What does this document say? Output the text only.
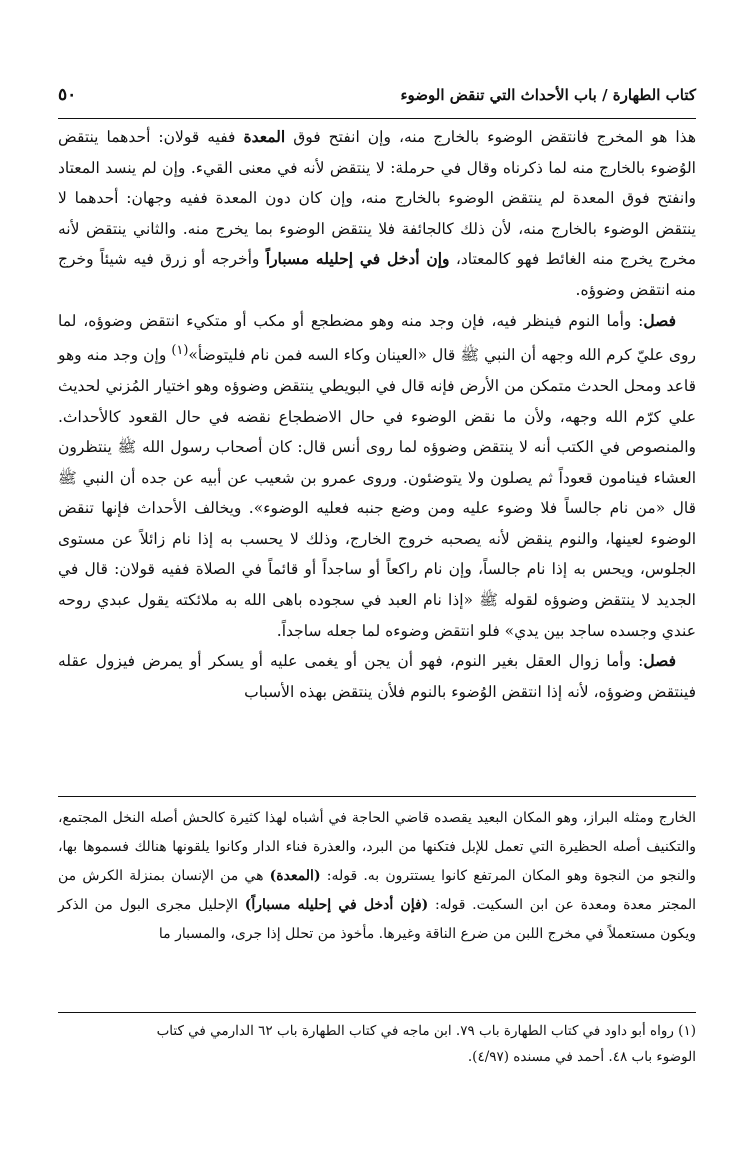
كتاب الطهارة / باب الأحداث التي تنقض الوضوء
٥٠

هذا هو المخرج فانتقض الوضوء بالخارج منه، وإن انفتح فوق المعدة ففيه قولان: أحدهما ينتقض الوُضوء بالخارج منه لما ذكرناه وقال في حرملة: لا ينتقض لأنه في معنى القيء. وإن لم ينسد المعتاد وانفتح فوق المعدة لم ينتقض الوضوء بالخارج منه، وإن كان دون المعدة ففيه وجهان: أحدهما لا ينتقض الوضوء بالخارج منه، لأن ذلك كالجائفة فلا ينتقض الوضوء بما يخرج منه. والثاني ينتقض لأنه مخرج يخرج منه الغائط فهو كالمعتاد، وإن أدخل في إحليله مسباراً وأخرجه أو زرق فيه شيئاً وخرج منه انتقض وضوؤه.

فصل: وأما النوم فينظر فيه، فإن وجد منه وهو مضطجع أو مكب أو متكيء انتقض وضوؤه، لما روى عليّ كرم الله وجهه أن النبي ﷺ قال «العينان وكاء السه فمن نام فليتوضأ»$^{(١)}$ وإن وجد منه وهو قاعد ومحل الحدث متمكن من الأرض فإنه قال في البويطي ينتقض وضوؤه وهو اختيار المُزني لحديث علي كرّم الله وجهه، ولأن ما نقض الوضوء في حال الاضطجاع نقضه في حال القعود كالأحداث. والمنصوص في الكتب أنه لا ينتقض وضوؤه لما روى أنس قال: كان أصحاب رسول الله ﷺ ينتظرون العشاء فينامون قعوداً ثم يصلون ولا يتوضئون. وروى عمرو بن شعيب عن أبيه عن جده أن النبي ﷺ قال «من نام جالساً فلا وضوء عليه ومن وضع جنبه فعليه الوضوء». ويخالف الأحداث فإنها تنقض الوضوء لعينها، والنوم ينقض لأنه يصحبه خروج الخارج، وذلك لا يحسب به إذا نام زائلاً عن مستوى الجلوس، ويحس به إذا نام جالساً، وإن نام راكعاً أو ساجداً أو قائماً في الصلاة ففيه قولان: قال في الجديد لا ينتقض وضوؤه لقوله ﷺ «إذا نام العبد في سجوده باهى الله به ملائكته يقول عبدي روحه عندي وجسده ساجد بين يدي» فلو انتقض وضوءه لما جعله ساجداً.

فصل: وأما زوال العقل بغير النوم، فهو أن يجن أو يغمى عليه أو يسكر أو يمرض فيزول عقله فينتقض وضوؤه، لأنه إذا انتقض الوُضوء بالنوم فلأن ينتقض بهذه الأسباب

الخارج ومثله البراز، وهو المكان البعيد يقصده قاضي الحاجة في أشباه لهذا كثيرة كالحش أصله النخل المجتمع، والتكنيف أصله الحظيرة التي تعمل للإبل فتكنها من البرد، والعذرة فناء الدار وكانوا يلقونها هنالك فسموها بها، والنجو من النجوة وهو المكان المرتفع كانوا يستترون به. قوله: (المعدة) هي من الإنسان بمنزلة الكرش من المجتر معدة ومعدة عن ابن السكيت. قوله: (فإن أدخل في إحليله مسباراً) الإحليل مجرى البول من الذكر ويكون مستعملاً في مخرج اللبن من ضرع الناقة وغيرها. مأخوذ من تحلل إذا جرى، والمسبار ما

(١) رواه أبو داود في كتاب الطهارة باب ٧٩. ابن ماجه في كتاب الطهارة باب ٦٢ الدارمي في كتاب

الوضوء باب ٤٨. أحمد في مسنده (٤/٩٧).
